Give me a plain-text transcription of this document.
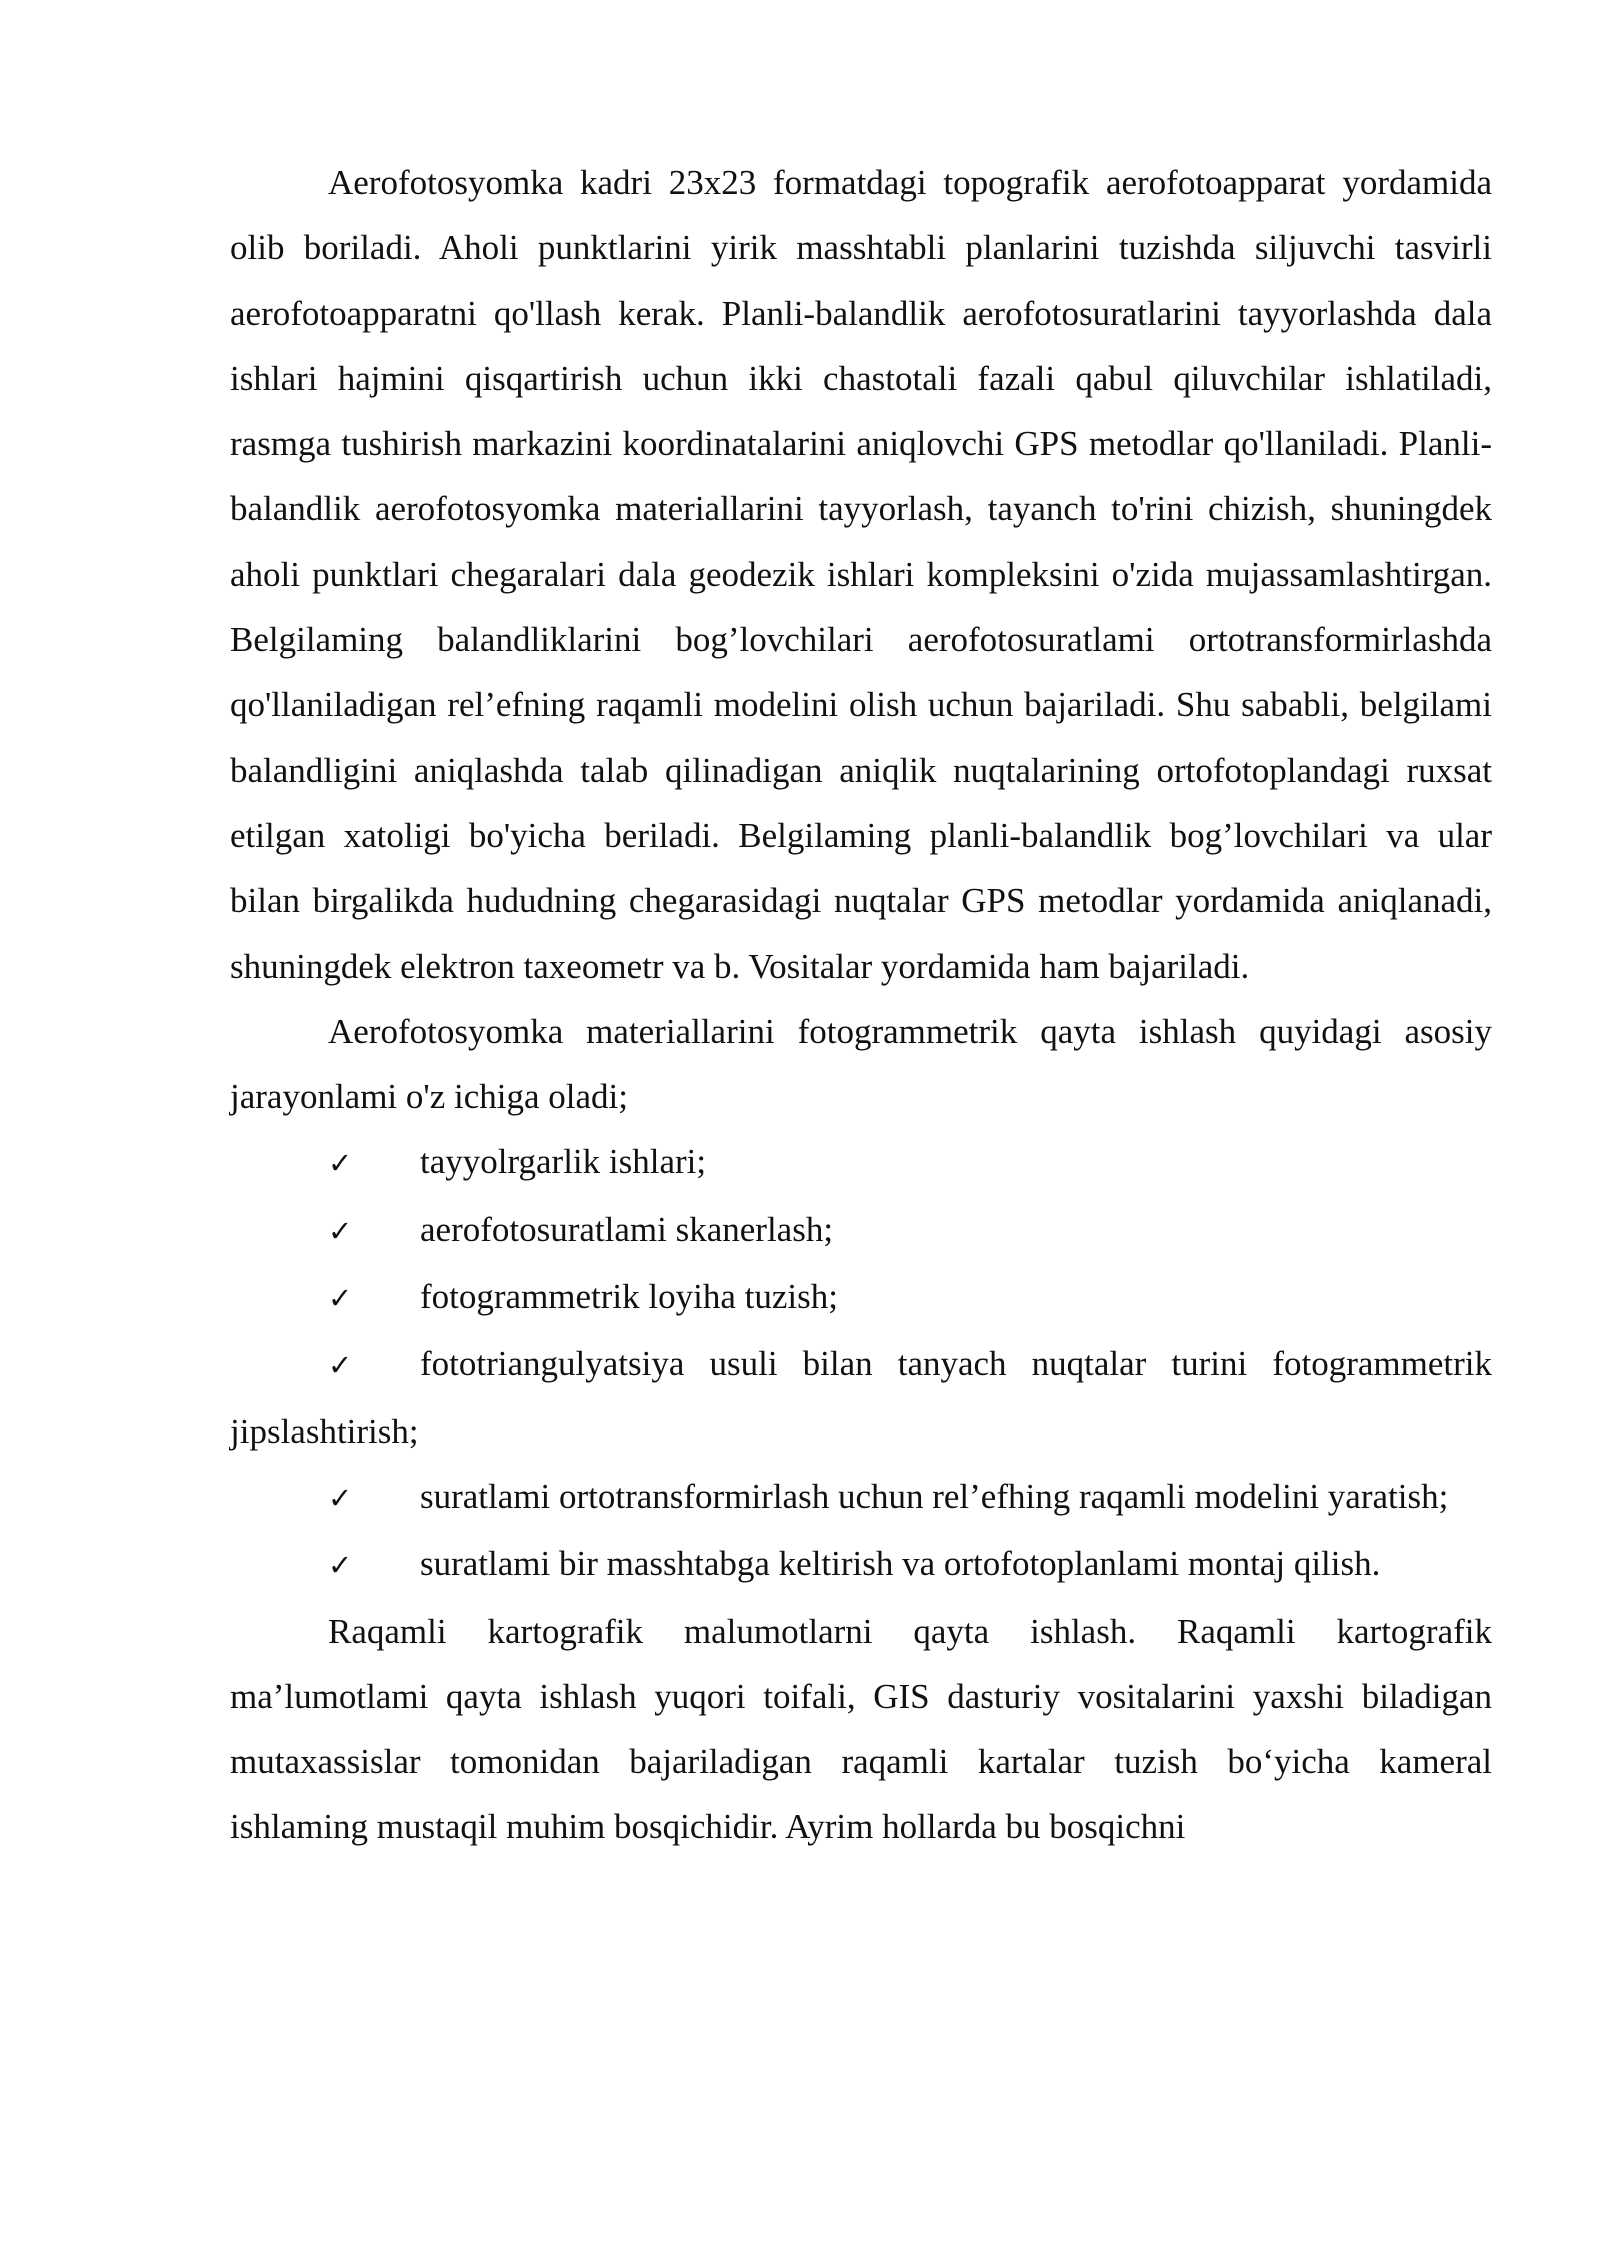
Aerofotosyomka kadri 23x23 formatdagi topografik aerofotoapparat yordamida olib boriladi. Aholi punktlarini yirik masshtabli planlarini tuzishda siljuvchi tasvirli aerofotoapparatni qo'llash kerak. Planli-balandlik aerofotosuratlarini tayyorlashda dala ishlari hajmini qisqartirish uchun ikki chastotali fazali qabul qiluvchilar ishlatiladi, rasmga tushirish markazini koordinatalarini aniqlovchi GPS metodlar qo'llaniladi. Planli-balandlik aerofotosyomka materiallarini tayyorlash, tayanch to'rini chizish, shuningdek aholi punktlari chegaralari dala geodezik ishlari kompleksini o'zida mujassamlashtirgan. Belgilaming balandliklarini bog’lovchilari aerofotosuratlami ortotransformirlashda qo'llaniladigan rel’efning raqamli modelini olish uchun bajariladi. Shu sababli, belgilami balandligini aniqlashda talab qilinadigan aniqlik nuqtalarining ortofotoplandagi ruxsat etilgan xatoligi bo'yicha beriladi. Belgilaming planli-balandlik bog’lovchilari va ular bilan birgalikda hududning chegarasidagi nuqtalar GPS metodlar yordamida aniqlanadi, shuningdek elektron taxeometr va b. Vositalar yordamida ham bajariladi.

Aerofotosyomka materiallarini fotogrammetrik qayta ishlash quyidagi asosiy jarayonlami o'z ichiga oladi;

✓ tayyolrgarlik ishlari;

✓ aerofotosuratlami skanerlash;

✓ fotogrammetrik loyiha tuzish;

✓ fototriangulyatsiya usuli bilan tanyach nuqtalar turini fotogrammetrik jipslashtirish;

✓ suratlami ortotransformirlash uchun rel’efhing raqamli modelini yaratish;

✓ suratlami bir masshtabga keltirish va ortofotoplanlami montaj qilish.

Raqamli kartografik malumotlarni qayta ishlash. Raqamli kartografik ma’lumotlami qayta ishlash yuqori toifali, GIS dasturiy vositalarini yaxshi biladigan mutaxassislar tomonidan bajariladigan raqamli kartalar tuzish bo‘yicha kameral ishlaming mustaqil muhim bosqichidir. Ayrim hollarda bu bosqichni
